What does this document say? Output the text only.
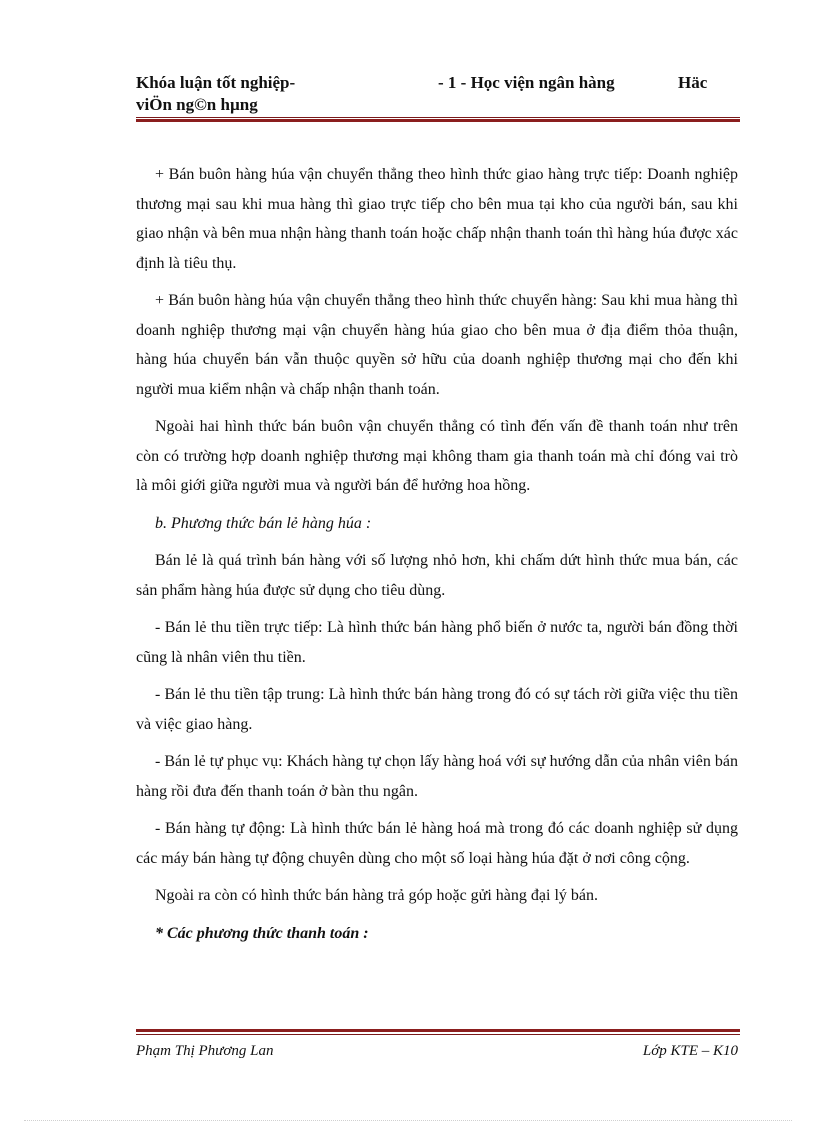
Khóa luận tốt nghiệp-	- 1 - Học viện ngân hàng	Häc
viÖn ng©n hµng

+ Bán buôn hàng húa vận chuyển thẳng theo hình thức giao hàng trực tiếp: Doanh nghiệp thương mại sau khi mua hàng thì giao trực tiếp cho bên mua tại kho của người bán, sau khi giao nhận và bên mua nhận hàng thanh toán hoặc chấp nhận thanh toán thì hàng húa được xác định là tiêu thụ.

+ Bán buôn hàng húa vận chuyển thẳng theo hình thức chuyển hàng: Sau khi mua hàng thì doanh nghiệp thương mại vận chuyển hàng húa giao cho bên mua ở địa điểm thỏa thuận, hàng húa chuyển bán vẫn thuộc quyền sở hữu của doanh nghiệp thương mại cho đến khi người mua kiểm nhận và chấp nhận thanh toán.

Ngoài hai hình thức bán buôn vận chuyển thẳng có tình đến vấn đề thanh toán như trên còn có trường hợp doanh nghiệp thương mại không tham gia thanh toán mà chỉ đóng vai trò là môi giới giữa người mua và người bán để hưởng hoa hồng.

b. Phương thức bán lẻ hàng húa :

Bán lẻ là quá trình bán hàng với số lượng nhỏ hơn, khi chấm dứt hình thức mua bán, các sản phẩm hàng húa được sử dụng cho tiêu dùng.

- Bán lẻ thu tiền trực tiếp: Là hình thức bán hàng phổ biến ở nước ta, người bán đồng thời cũng là nhân viên thu tiền.

- Bán lẻ thu tiền tập trung: Là hình thức bán hàng trong đó có sự tách rời giữa việc thu tiền và việc giao hàng.

- Bán lẻ tự phục vụ: Khách hàng tự chọn lấy hàng hoá với sự hướng dẫn của nhân viên bán hàng rồi đưa đến thanh toán ở bàn thu ngân.

- Bán hàng tự động: Là hình thức bán lẻ hàng hoá mà trong đó các doanh nghiệp sử dụng các máy bán hàng tự động chuyên dùng cho một số loại hàng húa đặt ở nơi công cộng.

Ngoài ra còn có hình thức bán hàng trả góp hoặc gửi hàng đại lý bán.

* Các phương thức thanh toán :

Phạm Thị Phương Lan	Lớp KTE – K10
